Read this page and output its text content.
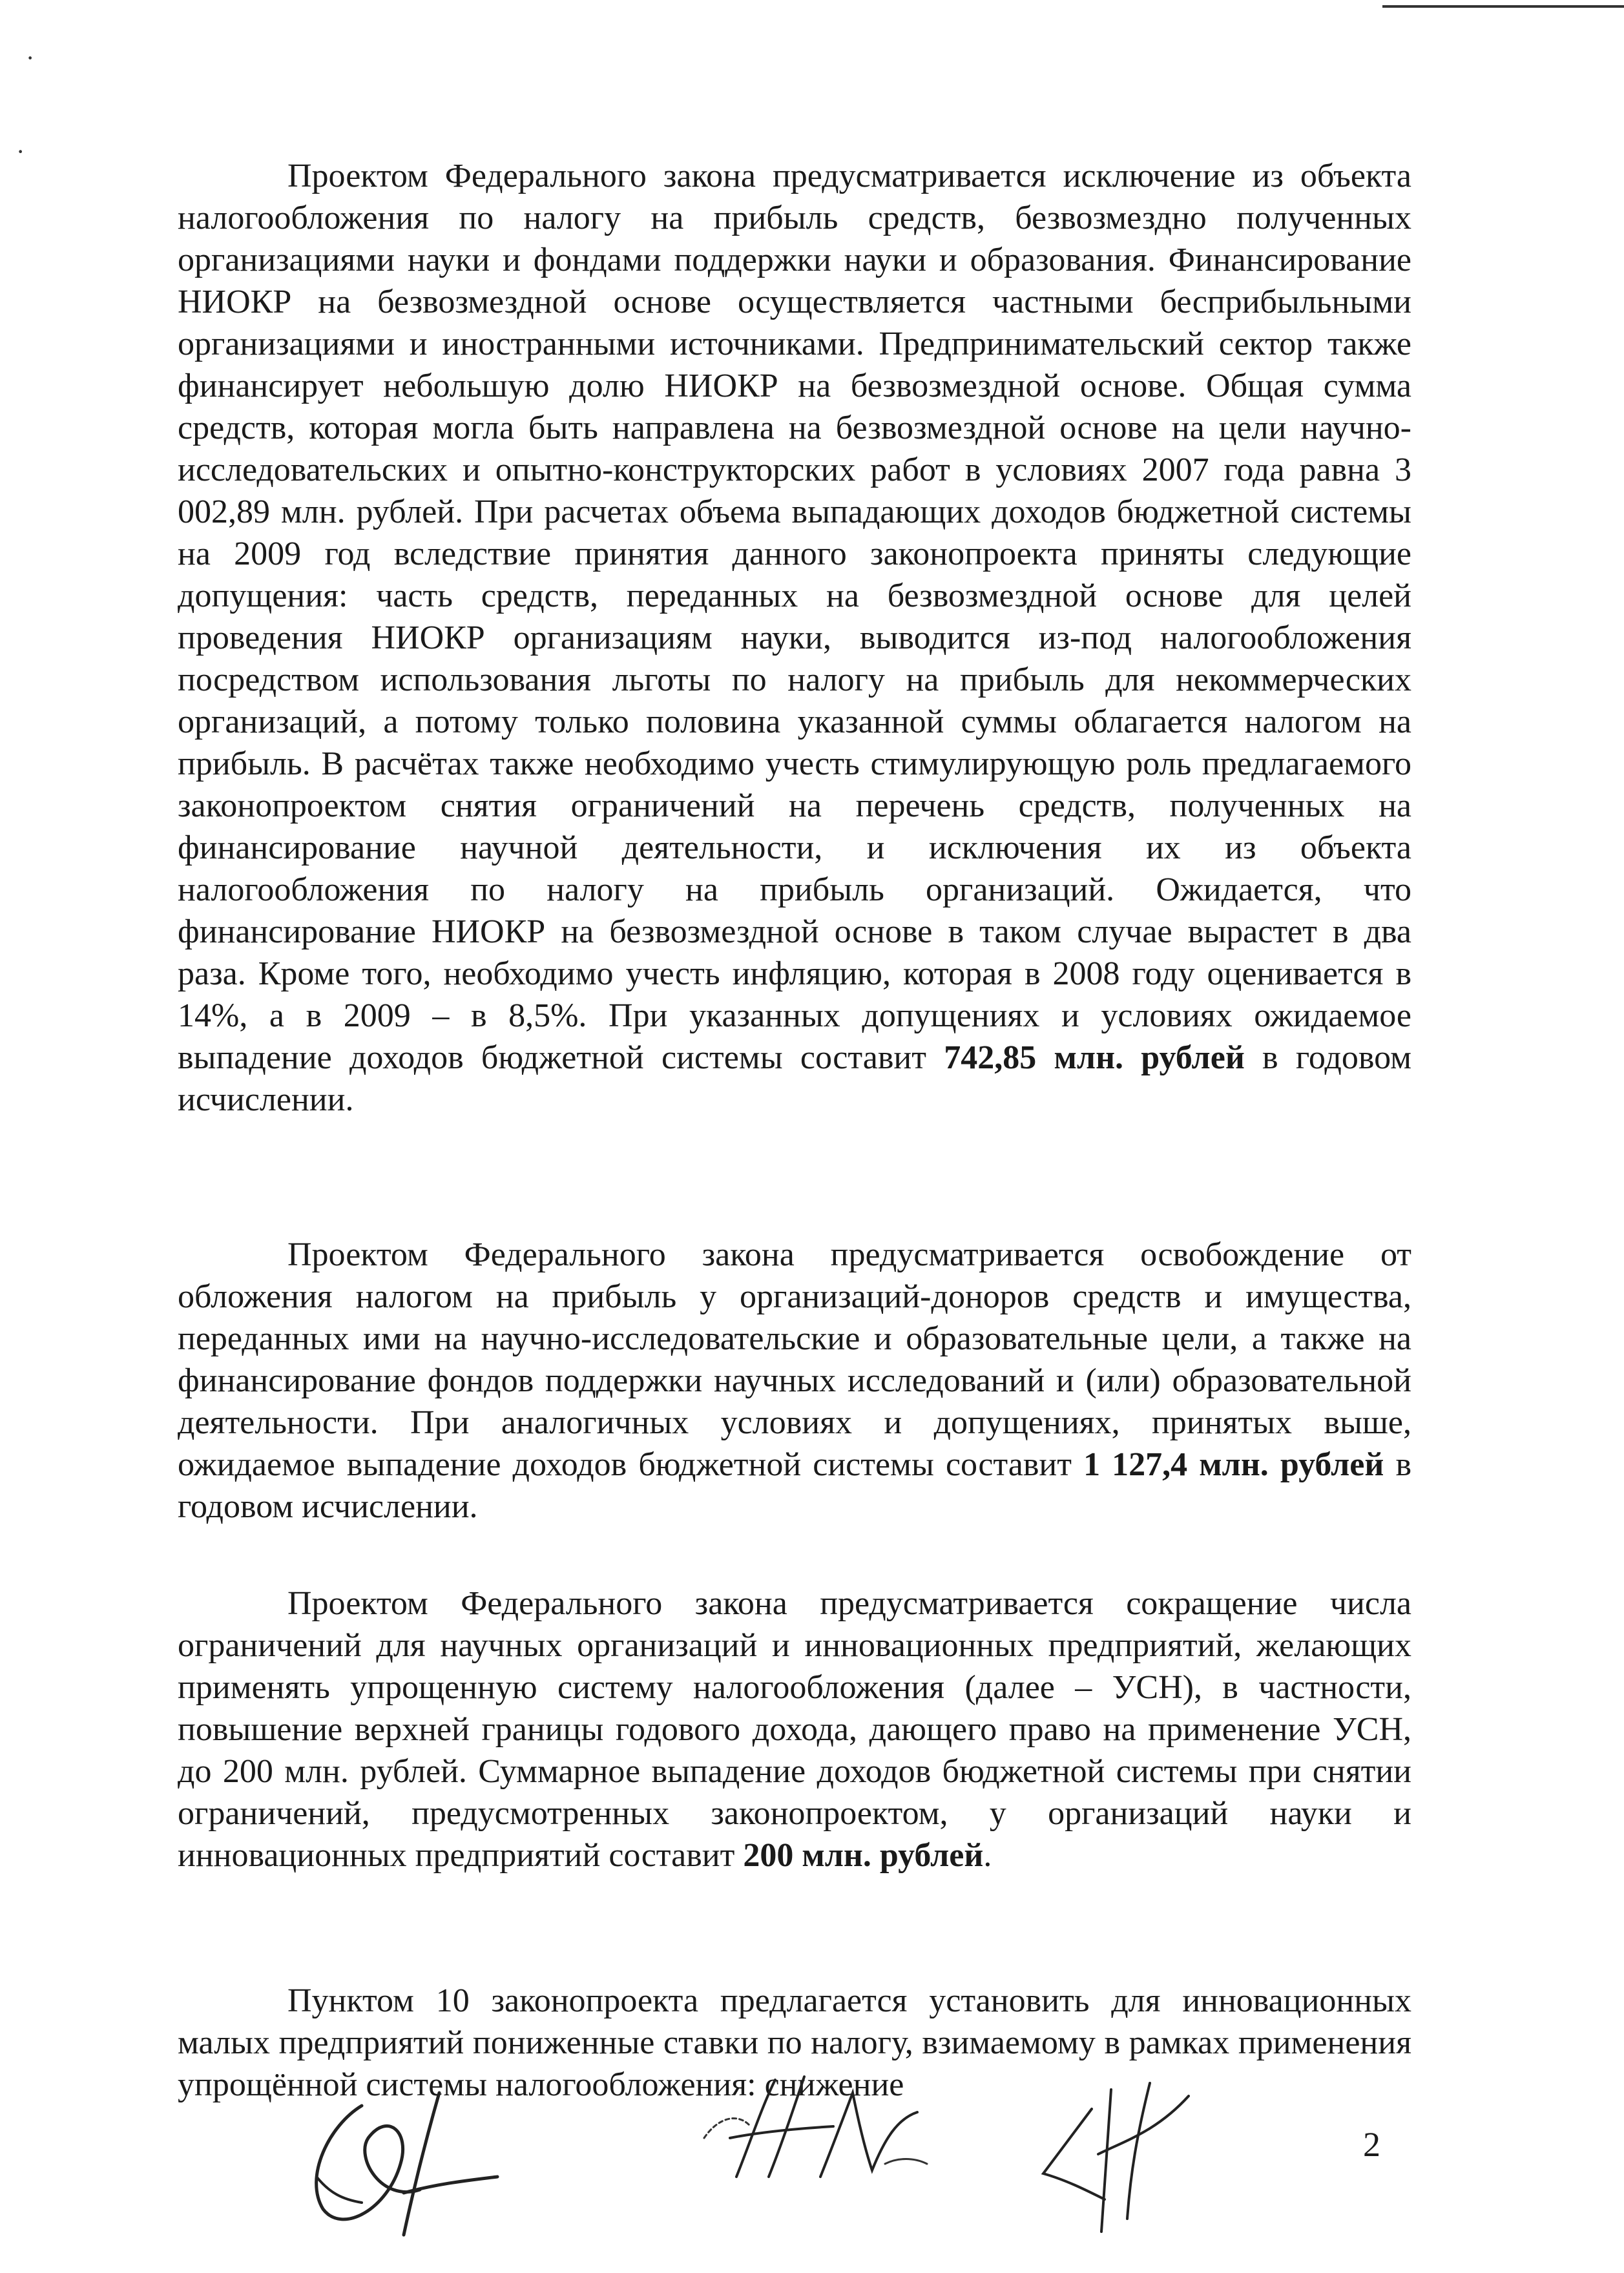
·
·

Проектом Федерального закона предусматривается исключение из объекта налогообложения по налогу на прибыль средств, безвозмездно полученных организациями науки и фондами поддержки науки и образования. Финансирование НИОКР на безвозмездной основе осуществляется частными бесприбыльными организациями и иностранными источниками. Предпринимательский сектор также финансирует небольшую долю НИОКР на безвозмездной основе. Общая сумма средств, которая могла быть направлена на безвозмездной основе на цели научно-исследовательских и опытно-конструкторских работ в условиях 2007 года равна 3 002,89 млн. рублей. При расчетах объема выпадающих доходов бюджетной системы на 2009 год вследствие принятия данного законопроекта приняты следующие допущения: часть средств, переданных на безвозмездной основе для целей проведения НИОКР организациям науки, выводится из-под налогообложения посредством использования льготы по налогу на прибыль для некоммерческих организаций, а потому только половина указанной суммы облагается налогом на прибыль. В расчётах также необходимо учесть стимулирующую роль предлагаемого законопроектом снятия ограничений на перечень средств, полученных на финансирование научной деятельности, и исключения их из объекта налогообложения по налогу на прибыль организаций. Ожидается, что финансирование НИОКР на безвозмездной основе в таком случае вырастет в два раза. Кроме того, необходимо учесть инфляцию, которая в 2008 году оценивается в 14%, а в 2009 – в 8,5%. При указанных допущениях и условиях ожидаемое выпадение доходов бюджетной системы составит 742,85 млн. рублей в годовом исчислении.

Проектом Федерального закона предусматривается освобождение от обложения налогом на прибыль у организаций-доноров средств и имущества, переданных ими на научно-исследовательские и образовательные цели, а также на финансирование фондов поддержки научных исследований и (или) образовательной деятельности. При аналогичных условиях и допущениях, принятых выше, ожидаемое выпадение доходов бюджетной системы составит 1 127,4 млн. рублей в годовом исчислении.

Проектом Федерального закона предусматривается сокращение числа ограничений для научных организаций и инновационных предприятий, желающих применять упрощенную систему налогообложения (далее – УСН), в частности, повышение верхней границы годового дохода, дающего право на применение УСН, до 200 млн. рублей. Суммарное выпадение доходов бюджетной системы при снятии ограничений, предусмотренных законопроектом, у организаций науки и инновационных предприятий составит 200 млн. рублей.

Пунктом 10 законопроекта предлагается установить для инновационных малых предприятий пониженные ставки по налогу, взимаемому в рамках применения упрощённой системы налогообложения: снижение

2
